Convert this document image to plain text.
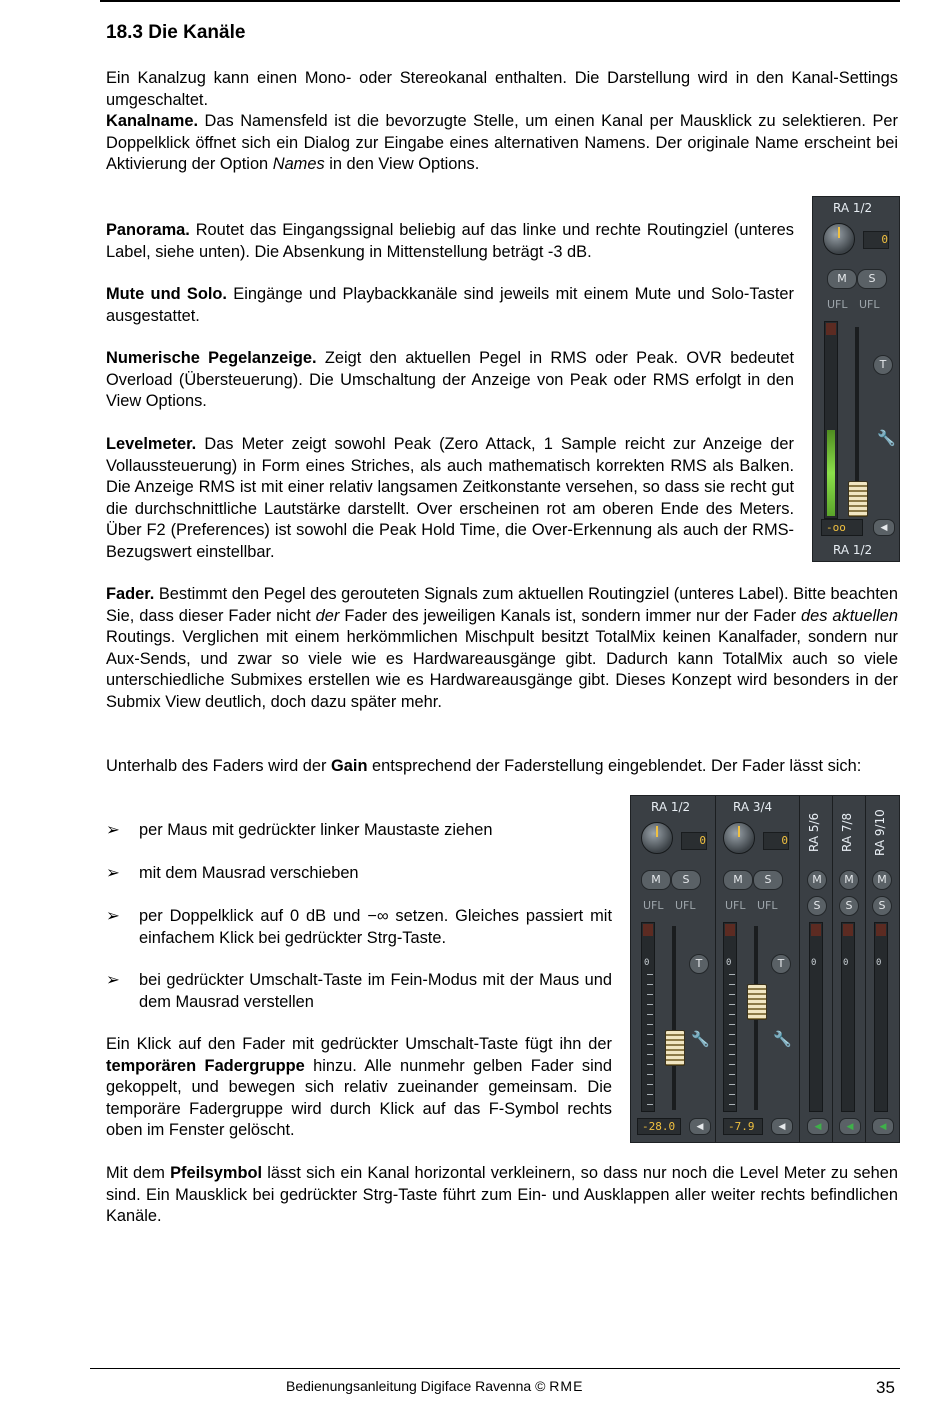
18.3 Die Kanäle

Ein Kanalzug kann einen Mono- oder Stereokanal enthalten. Die Darstellung wird in den Kanal-Settings umgeschaltet.

Kanalname. Das Namensfeld ist die bevorzugte Stelle, um einen Kanal per Mausklick zu selektieren. Per Doppelklick öffnet sich ein Dialog zur Eingabe eines alternativen Namens. Der originale Name erscheint bei Aktivierung der Option Names in den View Options.

Panorama. Routet das Eingangssignal beliebig auf das linke und rechte Routingziel (unteres Label, siehe unten). Die Absenkung in Mittenstellung beträgt -3 dB.

Mute und Solo. Eingänge und Playbackkanäle sind jeweils mit einem Mute und Solo-Taster ausgestattet.

Numerische Pegelanzeige. Zeigt den aktuellen Pegel in RMS oder Peak. OVR bedeutet Overload (Übersteuerung). Die Umschaltung der Anzeige von Peak oder RMS erfolgt in den View Options.

Levelmeter. Das Meter zeigt sowohl Peak (Zero Attack, 1 Sample reicht zur Anzeige der Vollaussteuerung) in Form eines Striches, als auch mathematisch korrekten RMS als Balken. Die Anzeige RMS ist mit einer relativ langsamen Zeitkonstante versehen, so dass sie recht gut die durchschnittliche Lautstärke darstellt. Over erscheinen rot am oberen Ende des Meters. Über F2 (Preferences) ist sowohl die Peak Hold Time, die Over-Erkennung als auch der RMS-Bezugswert einstellbar.

Fader. Bestimmt den Pegel des gerouteten Signals zum aktuellen Routingziel (unteres Label). Bitte beachten Sie, dass dieser Fader nicht der Fader des jeweiligen Kanals ist, sondern immer nur der Fader des aktuellen Routings. Verglichen mit einem herkömmlichen Mischpult besitzt TotalMix keinen Kanalfader, sondern nur Aux-Sends, und zwar so viele wie es Hardwareausgänge gibt. Dadurch kann TotalMix auch so viele unterschiedliche Submixes erstellen wie es Hardwareausgänge gibt. Dieses Konzept wird besonders in der Submix View deutlich, doch dazu später mehr.

Unterhalb des Faders wird der Gain entsprechend der Faderstellung eingeblendet. Der Fader lässt sich:

➢	per Maus mit gedrückter linker Maustaste ziehen
➢	mit dem Mausrad verschieben
➢	per Doppelklick auf 0 dB und −∞ setzen. Gleiches passiert mit einfachem Klick bei gedrückter Strg-Taste.
➢	bei gedrückter Umschalt-Taste im Fein-Modus mit der Maus und dem Mausrad verstellen

Ein Klick auf den Fader mit gedrückter Umschalt-Taste fügt ihn der temporären Fadergruppe hinzu. Alle nunmehr gelben Fader sind gekoppelt, und bewegen sich relativ zueinander gemeinsam. Die temporäre Fadergruppe wird durch Klick auf das F-Symbol rechts oben im Fenster gelöscht.

Mit dem Pfeilsymbol lässt sich ein Kanal horizontal verkleinern, so dass nur noch die Level Meter zu sehen sind. Ein Mausklick bei gedrückter Strg-Taste führt zum Ein- und Ausklappen aller weiter rechts befindlichen Kanäle.

RA 1/2
0
M	S
UFL UFL
T
🔧
-oo	◀
RA 1/2
RA 1/2
0
M	S
UFL UFL
0	T
🔧
-28.0	◀
RA 3/4
0
M	S
UFL UFL
0	T
🔧
-7.9	◀
RA 5/6
M
S
0
◀
RA 7/8
M
S
0
◀
RA 9/10
M
S
0
◀
Bedienungsanleitung Digiface Ravenna © RME	35
